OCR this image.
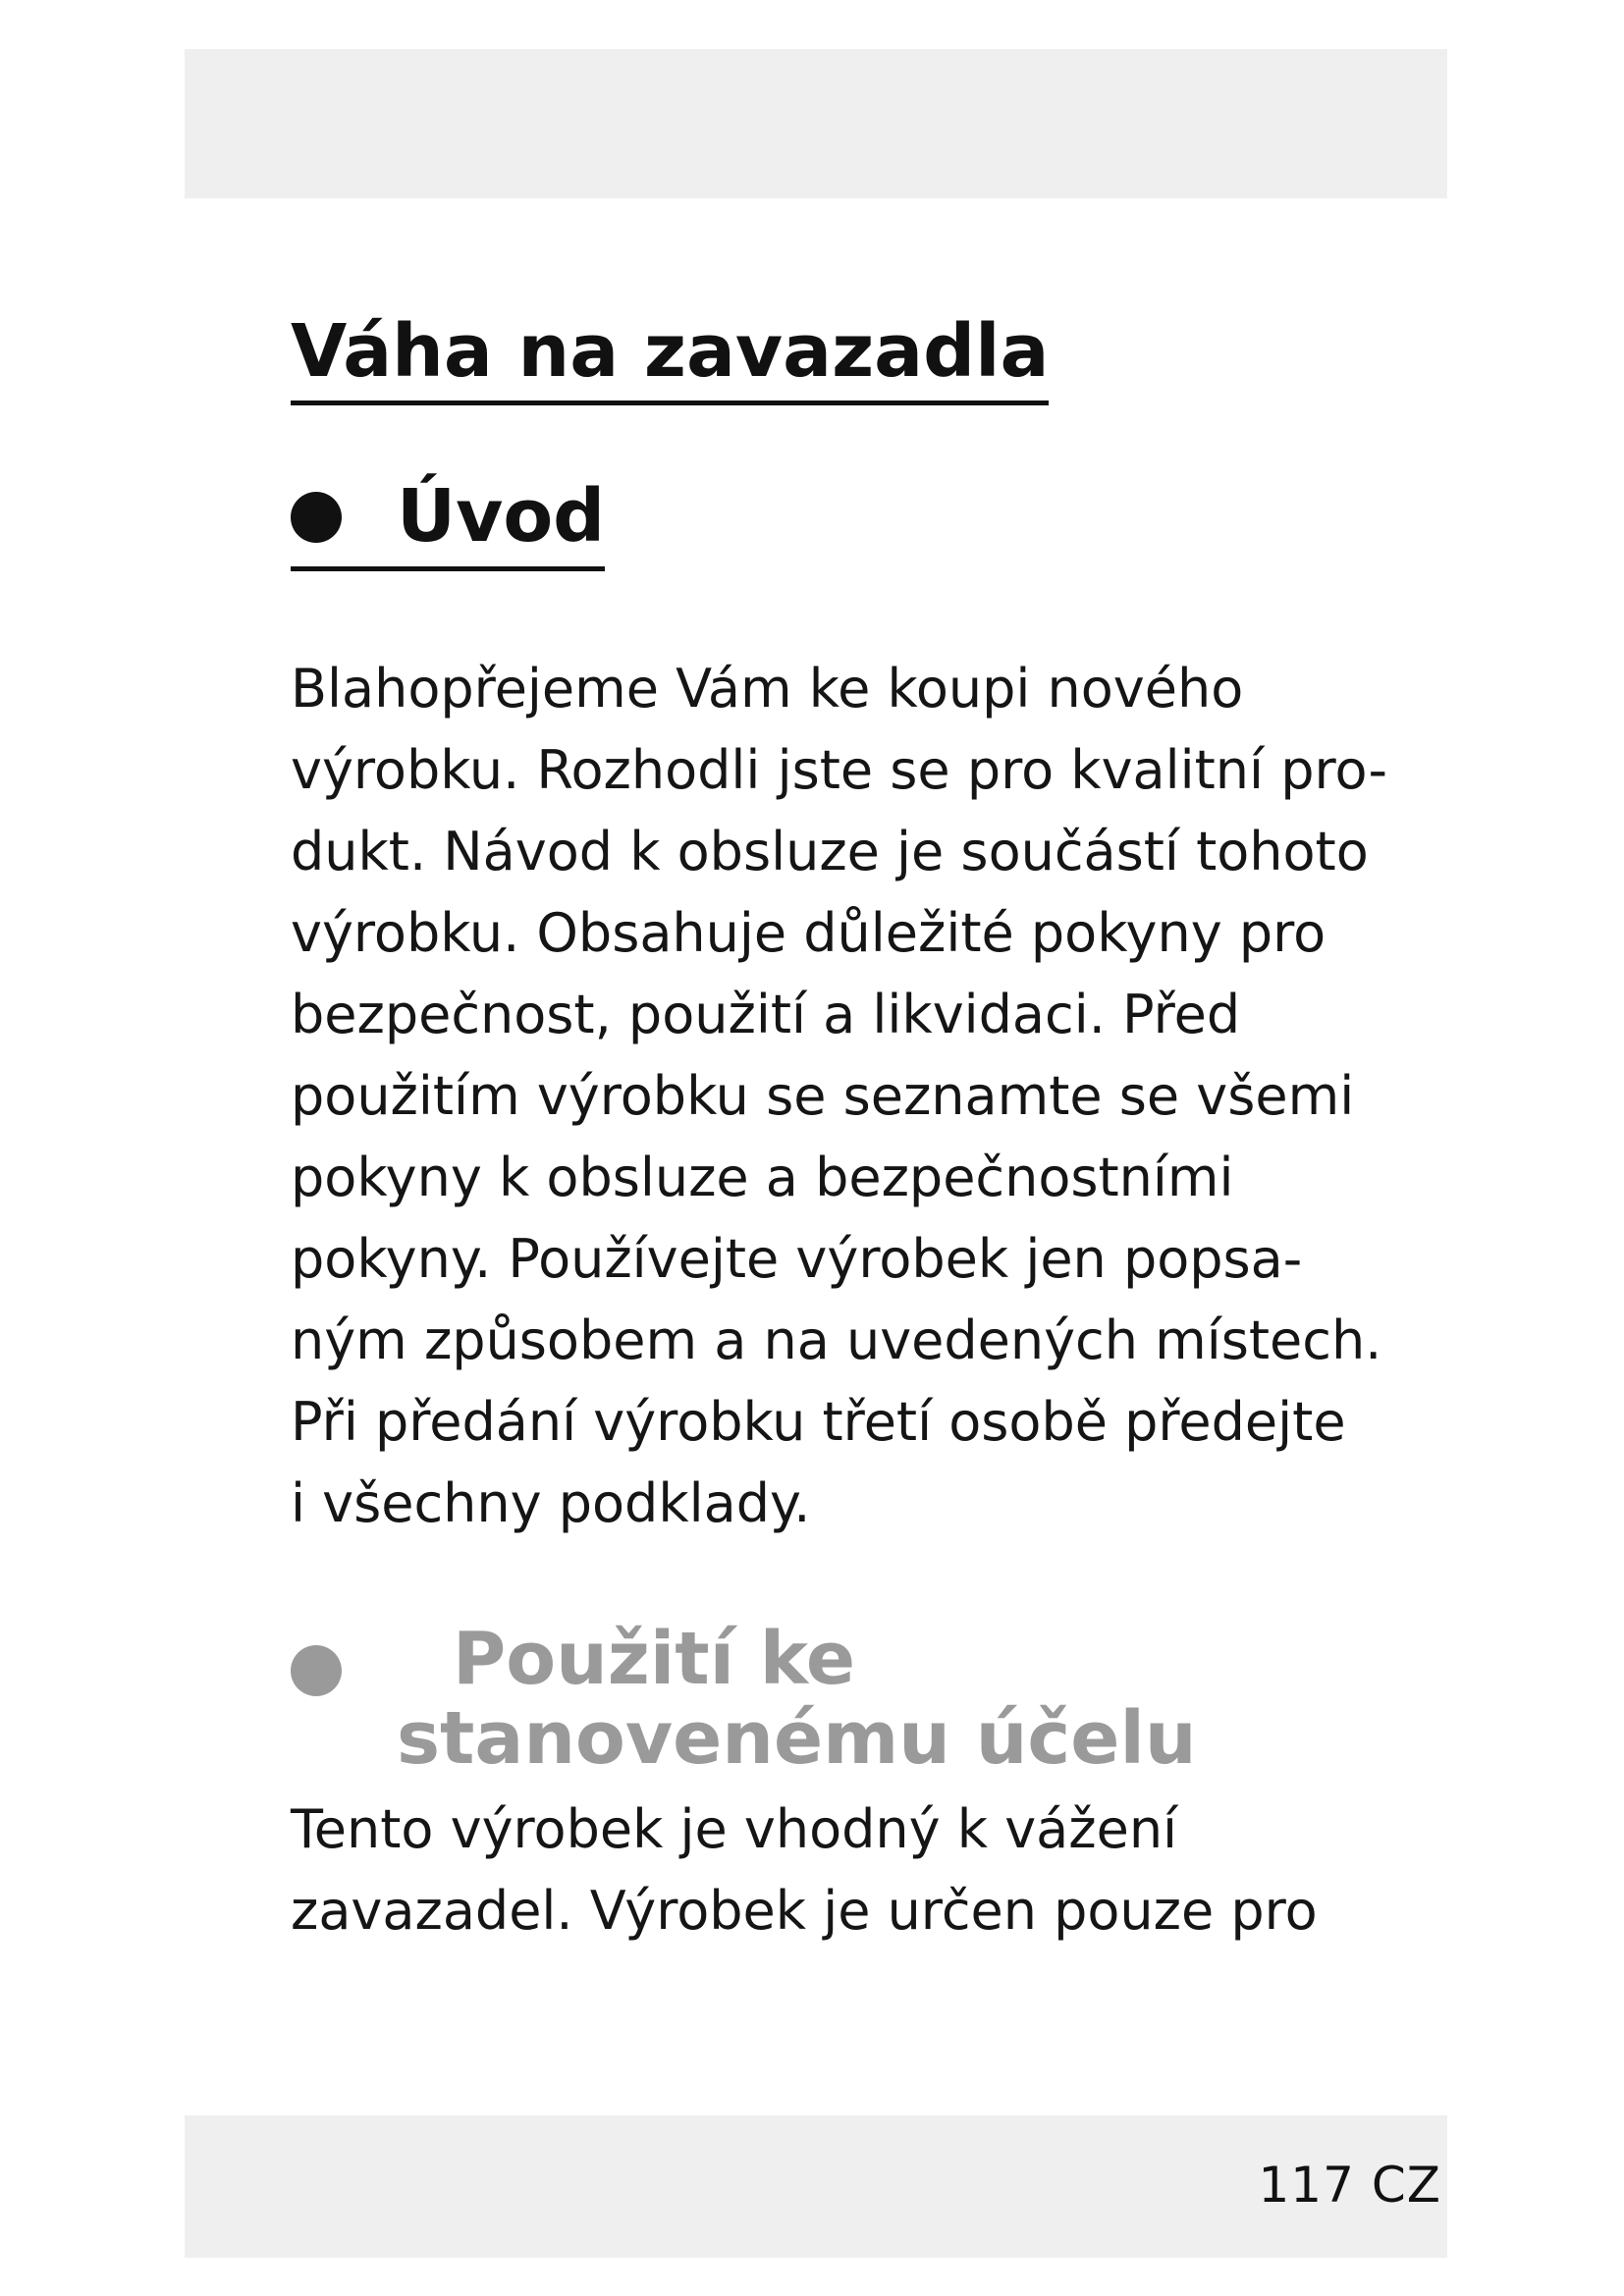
Váha na zavazadla
Úvod
Blahopřejeme Vám ke koupi nového
výrobku. Rozhodli jste se pro kvalitní pro-
dukt. Návod k obsluze je součástí tohoto
výrobku. Obsahuje důležité pokyny pro
bezpečnost, použití a likvidaci. Před
použitím výrobku se seznamte se všemi
pokyny k obsluze a bezpečnostními
pokyny. Používejte výrobek jen popsa-
ným způsobem a na uvedených místech.
Při předání výrobku třetí osobě předejte
i všechny podklady.
Použití ke
stanovenému účelu
Tento výrobek je vhodný k vážení
zavazadel. Výrobek je určen pouze pro
117 CZ
